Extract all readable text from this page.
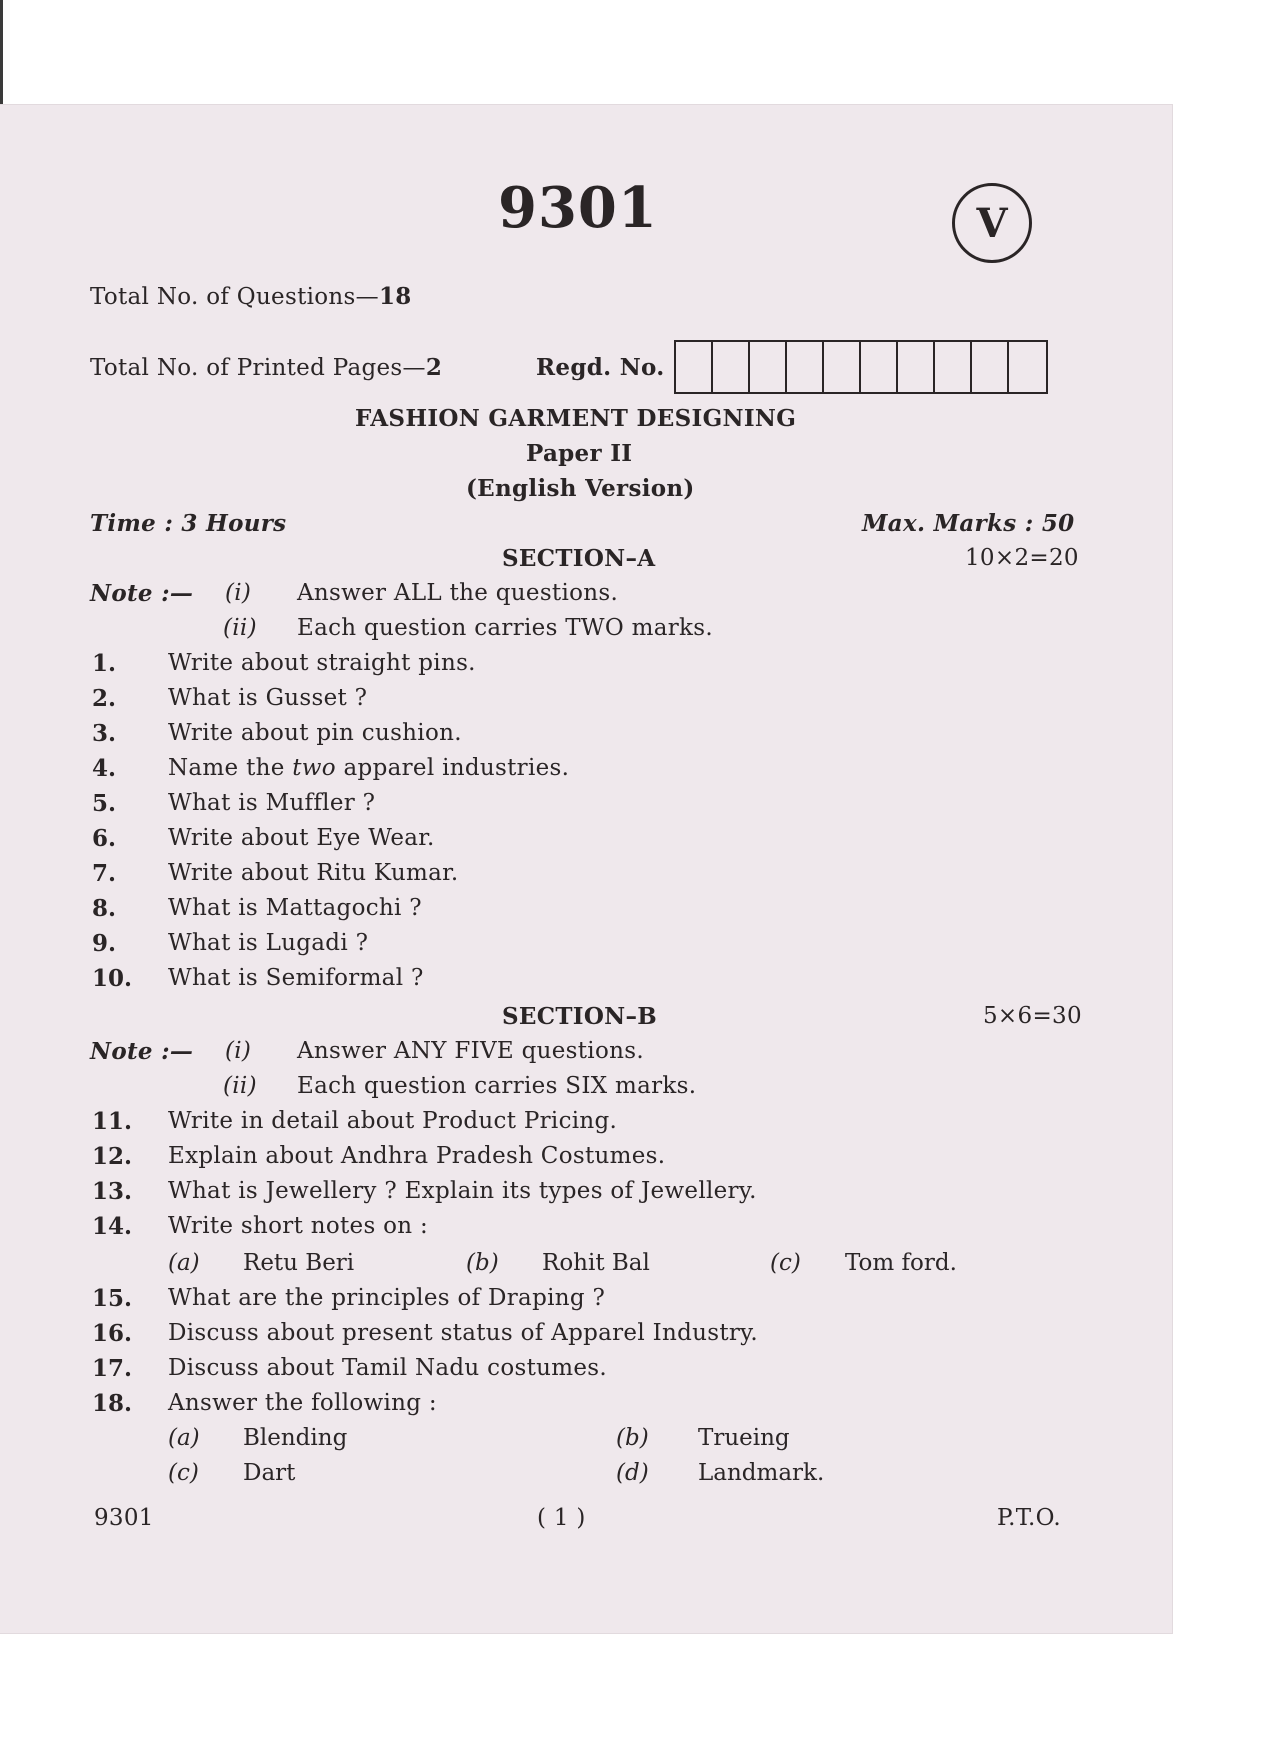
9301	V
Total No. of Questions—18
Total No. of Printed Pages—2	Regd. No.
FASHION GARMENT DESIGNING
Paper II
(English Version)
Time : 3 Hours	Max. Marks : 50
SECTION–A	10×2=20
Note :— (i) Answer ALL the questions.
(ii) Each question carries TWO marks.
1. Write about straight pins.
2. What is Gusset ?
3. Write about pin cushion.
4. Name the two apparel industries.
5. What is Muffler ?
6. Write about Eye Wear.
7. Write about Ritu Kumar.
8. What is Mattagochi ?
9. What is Lugadi ?
10. What is Semiformal ?
SECTION–B	5×6=30
Note :— (i) Answer ANY FIVE questions.
(ii) Each question carries SIX marks.
11. Write in detail about Product Pricing.
12. Explain about Andhra Pradesh Costumes.
13. What is Jewellery ? Explain its types of Jewellery.
14. Write short notes on :
(a) Retu Beri	(b) Rohit Bal	(c) Tom ford.
15. What are the principles of Draping ?
16. Discuss about present status of Apparel Industry.
17. Discuss about Tamil Nadu costumes.
18. Answer the following :
(a) Blending	(b) Trueing
(c) Dart	(d) Landmark.
9301	( 1 )	P.T.O.
